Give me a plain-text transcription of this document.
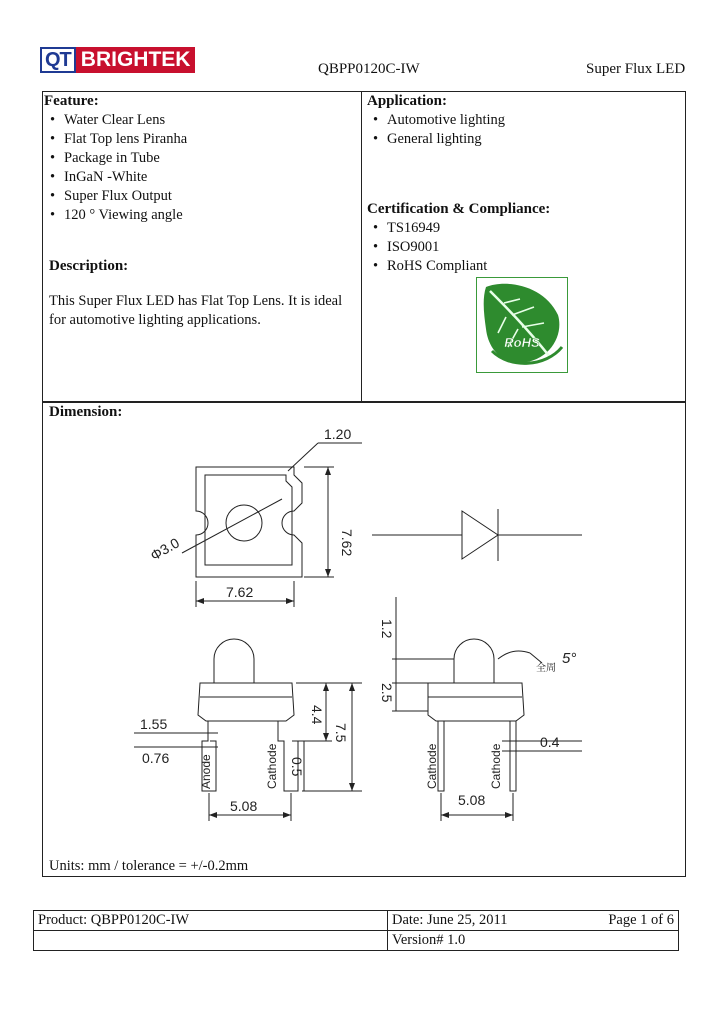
QT BRIGHTEK	QBPP0120C-IW	Super Flux LED
Feature:
• Water Clear Lens
• Flat Top lens Piranha
• Package in Tube
• InGaN -White
• Super Flux Output
• 120 ° Viewing angle
Description:
This Super Flux LED has Flat Top Lens. It is ideal
for automotive lighting applications.
Application:
• Automotive lighting
• General lighting
Certification & Compliance:
• TS16949
• ISO9001
• RoHS Compliant
RoHS
Dimension:
1.20
7.62
7.62
Φ3.0
1.2
2.5
1.55
0.76
4.4
7.5
0.5
5.08	5.08
0.4
Anode	Cathode	Cathode	Cathode
全周
5°
Units: mm / tolerance = +/-0.2mm
Product: QBPP0120C-IW	Date: June 25, 2011	Page 1 of 6
	Version# 1.0	
